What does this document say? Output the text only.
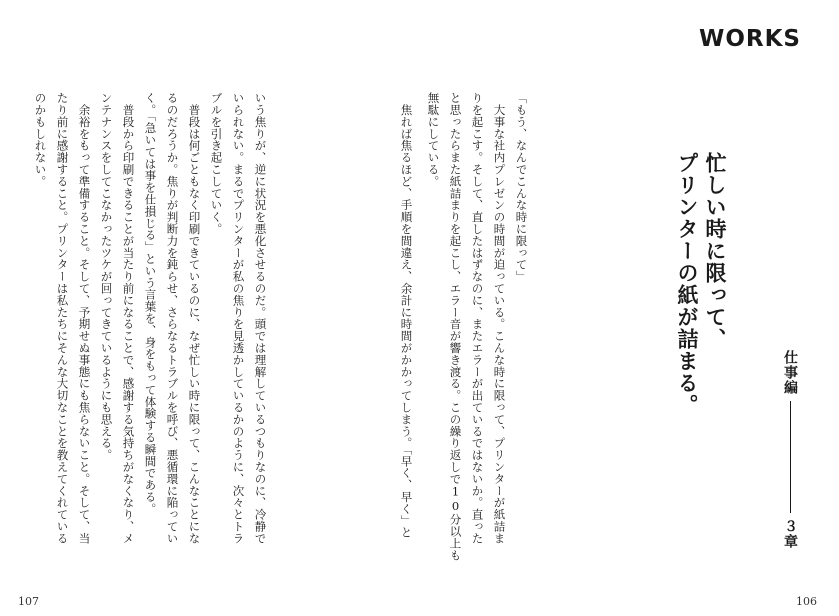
WORKS
忙しい時に限って、
プリンターの紙が詰まる。	仕事編
３章
「もう、なんでこんな時に限って」
　大事な社内プレゼンの時間が迫っている。こんな時に限って、プリンターが紙詰ま
りを起こす。そして、直したはずなのに、またエラーが出ているではないか。直った
と思ったらまた紙詰まりを起こし、エラー音が響き渡る。この繰り返しで10分以上も
無駄にしている。
　焦れば焦るほど、手順を間違え、余計に時間がかかってしまう。「早く、早く」と
いう焦りが、逆に状況を悪化させるのだ。頭では理解しているつもりなのに、冷静で
いられない。まるでプリンターが私の焦りを見透かしているかのように、次々とトラ
ブルを引き起こしていく。
　普段は何ごともなく印刷できているのに、なぜ忙しい時に限って、こんなことにな
るのだろうか。焦りが判断力を鈍らせ、さらなるトラブルを呼び、悪循環に陥ってい
く。「急いては事を仕損じる」という言葉を、身をもって体験する瞬間である。
　普段から印刷できることが当たり前になることで、感謝する気持ちがなくなり、メ
ンテナンスをしてこなかったツケが回ってきているようにも思える。
　余裕をもって準備すること。そして、予期せぬ事態にも焦らないこと。そして、当
たり前に感謝すること。プリンターは私たちにそんな大切なことを教えてくれている
のかもしれない。
107	106
